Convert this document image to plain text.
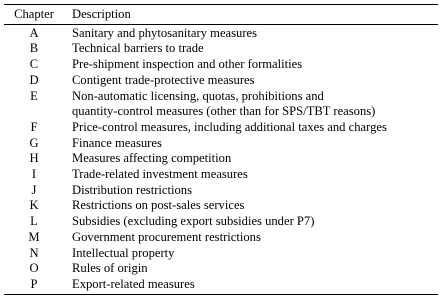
Chapter	Description
A	Sanitary and phytosanitary measures

B	Technical barriers to trade

C	Pre-shipment inspection and other formalities

D	Contigent trade-protective measures

E	Non-automatic licensing, quotas, prohibitions and
quantity-control measures (other than for SPS/TBT reasons)

F	Price-control measures, including additional taxes and charges

G	Finance measures

H	Measures affecting competition

I	Trade-related investment measures

J	Distribution restrictions

K	Restrictions on post-sales services

L	Subsidies (excluding export subsidies under P7)

M	Government procurement restrictions

N	Intellectual property

O	Rules of origin

P	Export-related measures
